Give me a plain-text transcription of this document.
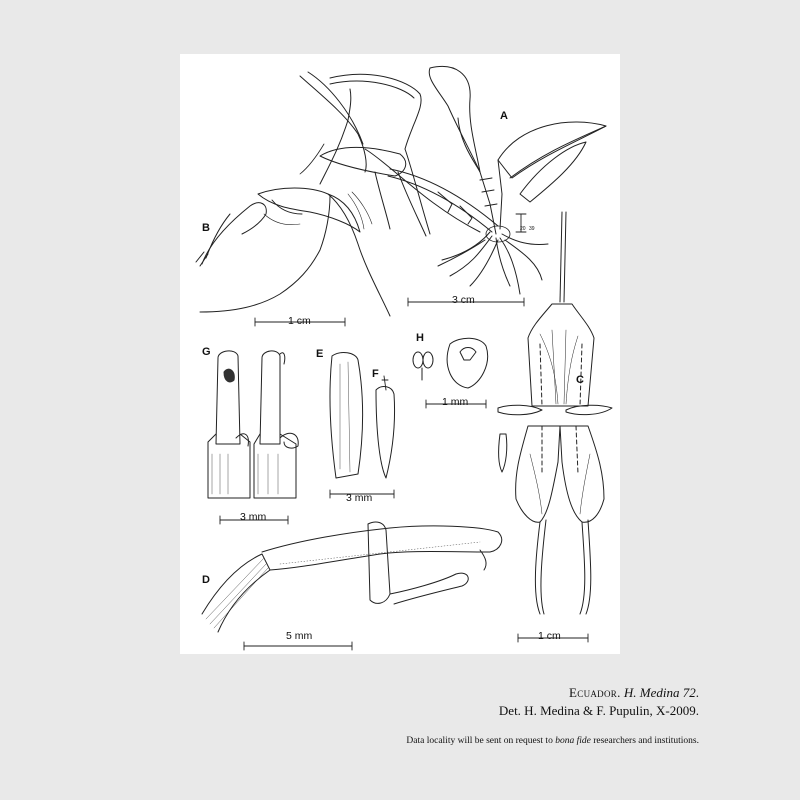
A
B
C
D
E
F
G
H
1 cm
3 cm
1 mm
3 mm
3 mm
5 mm	1 cm
20 39
Ecuador. H. Medina 72.
Det. H. Medina & F. Pupulin, X-2009.
Data locality will be sent on request to bona fide researchers and institutions.
